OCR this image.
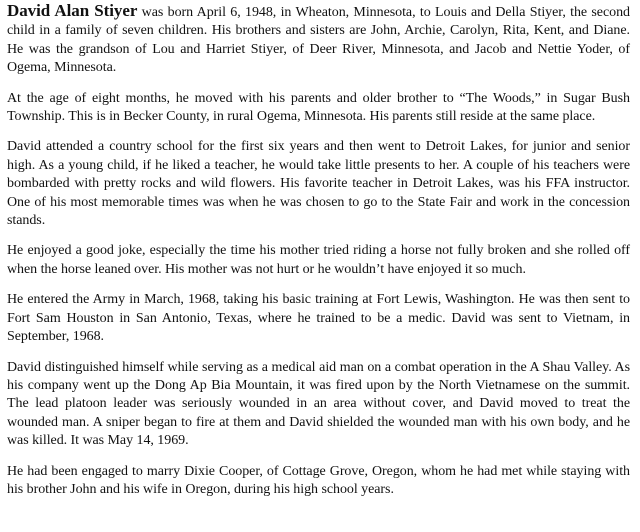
David Alan Stiyer was born April 6, 1948, in Wheaton, Minnesota, to Louis and Della Stiyer, the second child in a family of seven children. His brothers and sisters are John, Archie, Carolyn, Rita, Kent, and Diane. He was the grandson of Lou and Harriet Stiyer, of Deer River, Minnesota, and Jacob and Nettie Yoder, of Ogema, Minnesota.

At the age of eight months, he moved with his parents and older brother to “The Woods,” in Sugar Bush Township. This is in Becker County, in rural Ogema, Minnesota. His parents still reside at the same place.

David attended a country school for the first six years and then went to Detroit Lakes, for junior and senior high. As a young child, if he liked a teacher, he would take little presents to her. A couple of his teachers were bombarded with pretty rocks and wild flowers. His favorite teacher in Detroit Lakes, was his FFA instructor. One of his most memorable times was when he was chosen to go to the State Fair and work in the concession stands.

He enjoyed a good joke, especially the time his mother tried riding a horse not fully broken and she rolled off when the horse leaned over. His mother was not hurt or he wouldn’t have enjoyed it so much.

He entered the Army in March, 1968, taking his basic training at Fort Lewis, Washington. He was then sent to Fort Sam Houston in San Antonio, Texas, where he trained to be a medic. David was sent to Vietnam, in September, 1968.

David distinguished himself while serving as a medical aid man on a combat operation in the A Shau Valley. As his company went up the Dong Ap Bia Mountain, it was fired upon by the North Vietnamese on the summit. The lead platoon leader was seriously wounded in an area without cover, and David moved to treat the wounded man. A sniper began to fire at them and David shielded the wounded man with his own body, and he was killed. It was May 14, 1969.

He had been engaged to marry Dixie Cooper, of Cottage Grove, Oregon, whom he had met while staying with his brother John and his wife in Oregon, during his high school years.
